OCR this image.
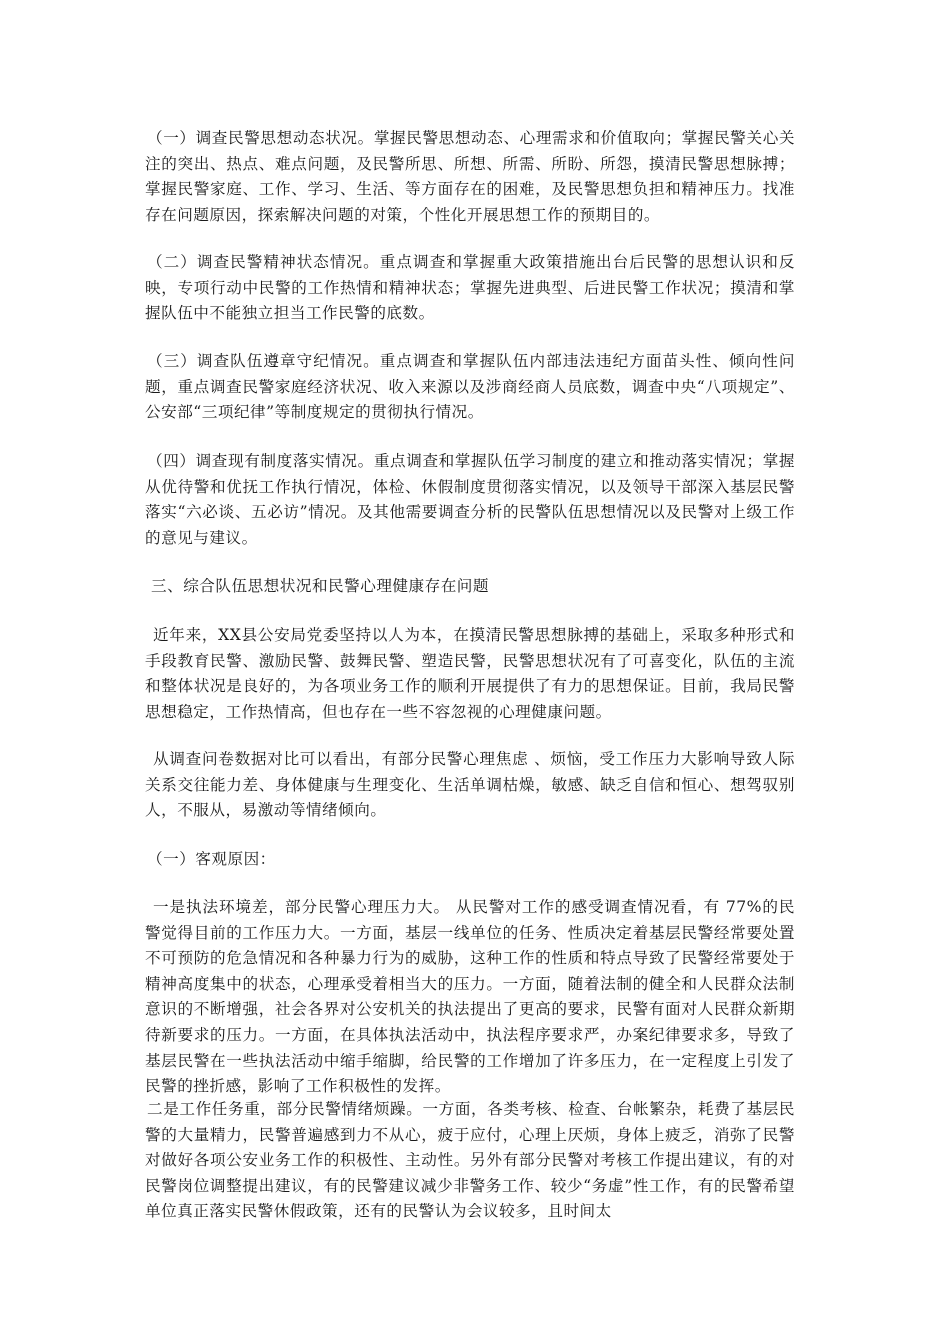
（一）调查民警思想动态状况。掌握民警思想动态、心理需求和价值取向；掌握民警关心关注的突出、热点、难点问题，及民警所思、所想、所需、所盼、所怨，摸清民警思想脉搏；掌握民警家庭、工作、学习、生活、等方面存在的困难，及民警思想负担和精神压力。找准存在问题原因，探索解决问题的对策，个性化开展思想工作的预期目的。

（二）调查民警精神状态情况。重点调查和掌握重大政策措施出台后民警的思想认识和反映，专项行动中民警的工作热情和精神状态；掌握先进典型、后进民警工作状况；摸清和掌握队伍中不能独立担当工作民警的底数。

（三）调查队伍遵章守纪情况。重点调查和掌握队伍内部违法违纪方面苗头性、倾向性问题，重点调查民警家庭经济状况、收入来源以及涉商经商人员底数，调查中央“八项规定”、公安部“三项纪律”等制度规定的贯彻执行情况。

（四）调查现有制度落实情况。重点调查和掌握队伍学习制度的建立和推动落实情况；掌握从优待警和优抚工作执行情况，体检、休假制度贯彻落实情况，以及领导干部深入基层民警落实“六必谈、五必访”情况。及其他需要调查分析的民警队伍思想情况以及民警对上级工作的意见与建议。

三、综合队伍思想状况和民警心理健康存在问题

近年来，XX县公安局党委坚持以人为本，在摸清民警思想脉搏的基础上，采取多种形式和手段教育民警、激励民警、鼓舞民警、塑造民警，民警思想状况有了可喜变化，队伍的主流和整体状况是良好的，为各项业务工作的顺利开展提供了有力的思想保证。目前，我局民警思想稳定，工作热情高，但也存在一些不容忽视的心理健康问题。

从调查问卷数据对比可以看出，有部分民警心理焦虑 、烦恼，受工作压力大影响导致人际关系交往能力差、身体健康与生理变化、生活单调枯燥，敏感、缺乏自信和恒心、想驾驭别人，不服从，易激动等情绪倾向。

（一）客观原因：

一是执法环境差，部分民警心理压力大。 从民警对工作的感受调查情况看，有 77%的民警觉得目前的工作压力大。一方面，基层一线单位的任务、性质决定着基层民警经常要处置不可预防的危急情况和各种暴力行为的威胁，这种工作的性质和特点导致了民警经常要处于精神高度集中的状态，心理承受着相当大的压力。一方面，随着法制的健全和人民群众法制意识的不断增强，社会各界对公安机关的执法提出了更高的要求，民警有面对人民群众新期待新要求的压力。一方面，在具体执法活动中，执法程序要求严，办案纪律要求多，导致了基层民警在一些执法活动中缩手缩脚，给民警的工作增加了许多压力，在一定程度上引发了民警的挫折感，影响了工作积极性的发挥。

二是工作任务重，部分民警情绪烦躁。一方面，各类考核、检查、台帐繁杂，耗费了基层民警的大量精力，民警普遍感到力不从心，疲于应付，心理上厌烦，身体上疲乏，消弥了民警对做好各项公安业务工作的积极性、主动性。另外有部分民警对考核工作提出建议，有的对民警岗位调整提出建议，有的民警建议减少非警务工作、较少“务虚”性工作，有的民警希望单位真正落实民警休假政策，还有的民警认为会议较多，且时间太
